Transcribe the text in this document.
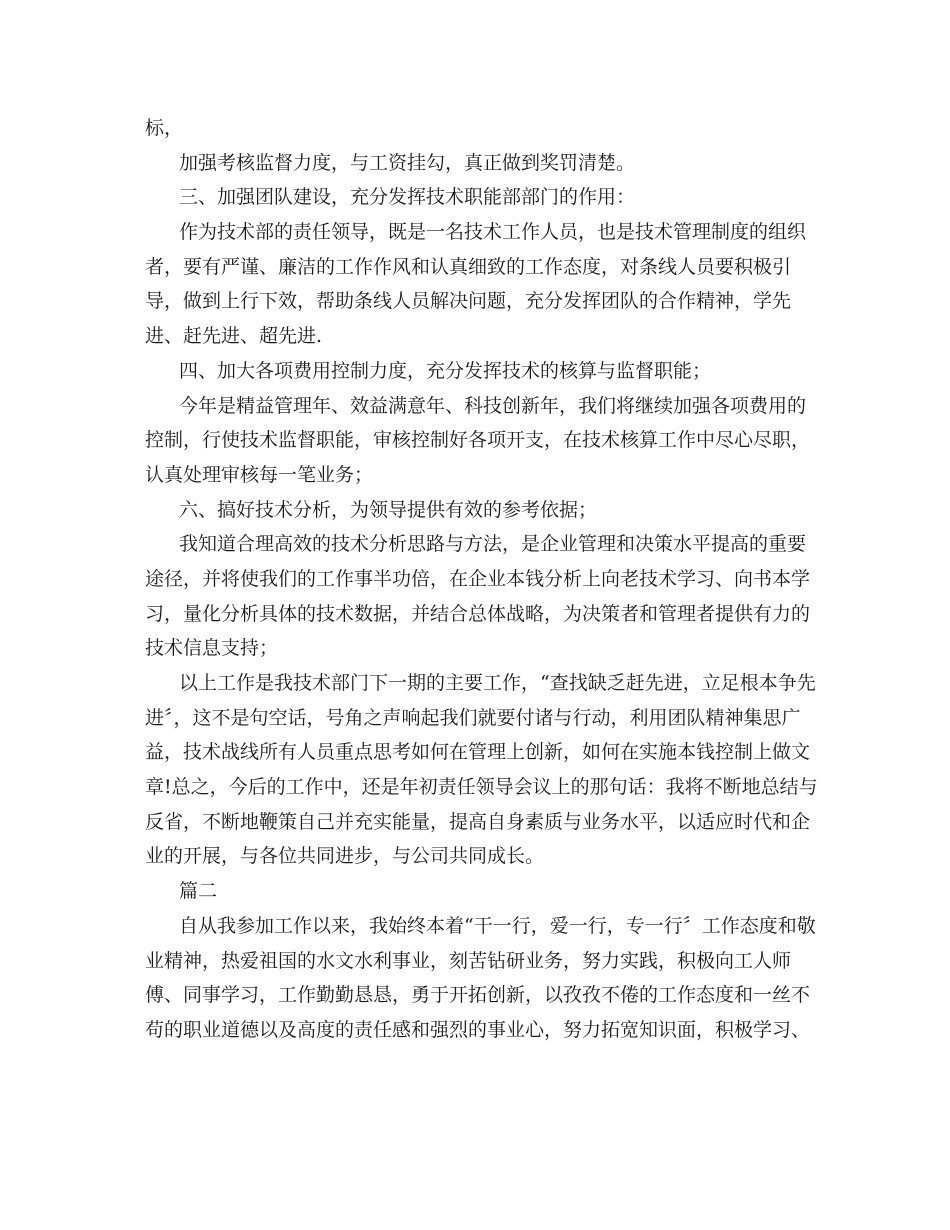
标，
加强考核监督力度，与工资挂勾，真正做到奖罚清楚。
三、加强团队建设，充分发挥技术职能部部门的作用：
作为技术部的责任领导，既是一名技术工作人员，也是技术管理制度的组织
者，要有严谨、廉洁的工作作风和认真细致的工作态度，对条线人员要积极引
导，做到上行下效，帮助条线人员解决问题，充分发挥团队的合作精神，学先
进、赶先进、超先进.
四、加大各项费用控制力度，充分发挥技术的核算与监督职能；
今年是精益管理年、效益满意年、科技创新年，我们将继续加强各项费用的
控制，行使技术监督职能，审核控制好各项开支，在技术核算工作中尽心尽职，
认真处理审核每一笔业务；
六、搞好技术分析，为领导提供有效的参考依据；
我知道合理高效的技术分析思路与方法，是企业管理和决策水平提高的重要
途径，并将使我们的工作事半功倍，在企业本钱分析上向老技术学习、向书本学
习，量化分析具体的技术数据，并结合总体战略，为决策者和管理者提供有力的
技术信息支持；
以上工作是我技术部门下一期的主要工作，“查找缺乏赶先进，立足根本争先
进〞，这不是句空话，号角之声响起我们就要付诸与行动，利用团队精神集思广
益，技术战线所有人员重点思考如何在管理上创新，如何在实施本钱控制上做文
章!总之，今后的工作中，还是年初责任领导会议上的那句话：我将不断地总结与
反省，不断地鞭策自己并充实能量，提高自身素质与业务水平，以适应时代和企
业的开展，与各位共同进步，与公司共同成长。
篇二
自从我参加工作以来，我始终本着“干一行，爱一行，专一行〞工作态度和敬
业精神，热爱祖国的水文水利事业，刻苦钻研业务，努力实践，积极向工人师
傅、同事学习，工作勤勤恳恳，勇于开拓创新，以孜孜不倦的工作态度和一丝不
苟的职业道德以及高度的责任感和强烈的事业心，努力拓宽知识面，积极学习、
